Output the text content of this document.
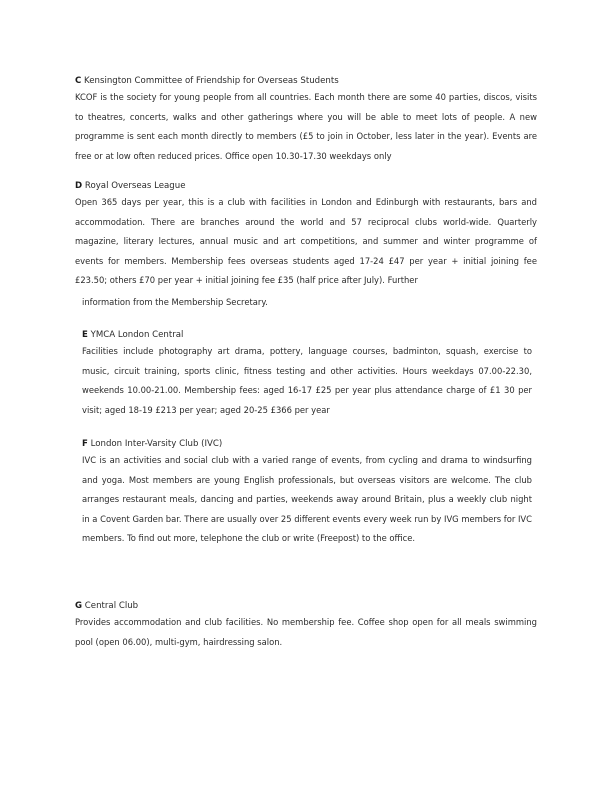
C Kensington Committee of Friendship for Overseas Students
KCOF is the society for young people from all countries. Each month there are some 40 parties, discos, visits to theatres, concerts, walks and other gatherings where you will be able to meet lots of people. A new programme is sent each month directly to members (£5 to join in October, less later in the year). Events are free or at low often reduced prices. Office open 10.30-17.30 weekdays only
D Royal Overseas League
Open 365 days per year, this is a club with facilities in London and Edinburgh with restaurants, bars and accommodation. There are branches around the world and 57 reciprocal clubs world-wide. Quarterly magazine, literary lectures, annual music and art competitions, and summer and winter programme of events for members. Membership fees overseas students aged 17-24 £47 per year + initial joining fee £23.50; others £70 per year + initial joining fee £35 (half price after July). Further
information from the Membership Secretary.
E YMCA London Central
Facilities include photography art drama, pottery, language courses, badminton, squash, exercise to music, circuit training, sports clinic, fitness testing and other activities. Hours weekdays 07.00-22.30, weekends 10.00-21.00. Membership fees: aged 16-17 £25 per year plus attendance charge of £1 30 per visit; aged 18-19 £213 per year; aged 20-25 £366 per year
F London Inter-Varsity Club (IVC)
IVC is an activities and social club with a varied range of events, from cycling and drama to windsurfing and yoga. Most members are young English professionals, but overseas visitors are welcome. The club arranges restaurant meals, dancing and parties, weekends away around Britain, plus a weekly club night in a Covent Garden bar. There are usually over 25 different events every week run by IVG members for IVC members. To find out more, telephone the club or write (Freepost) to the office.
G Central Club
Provides accommodation and club facilities. No membership fee. Coffee shop open for all meals swimming pool (open 06.00), multi-gym, hairdressing salon.
